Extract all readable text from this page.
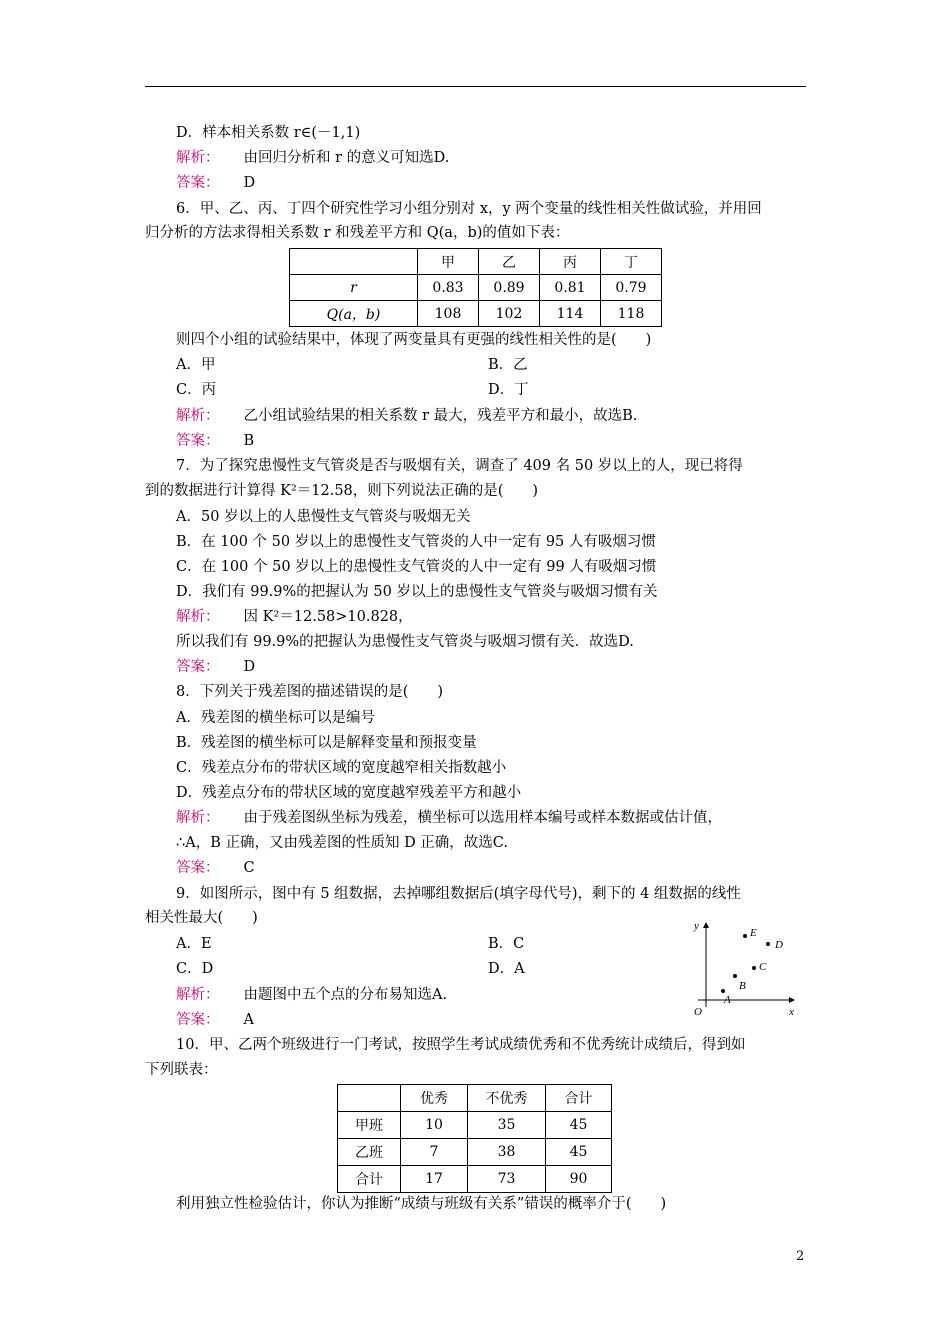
D．样本相关系数 r∈(－1,1)
解析： 由回归分析和 r 的意义可知选D.
答案： D
6．甲、乙、丙、丁四个研究性学习小组分别对 x，y 两个变量的线性相关性做试验，并用回
归分析的方法求得相关系数 r 和残差平方和 Q(a，b)的值如下表：
	甲	乙	丙	丁
r	0.83	0.89	0.81	0.79
Q(a，b)	108	102	114	118
则四个小组的试验结果中，体现了两变量具有更强的线性相关性的是(　　)
A．甲	B．乙
C．丙	D．丁
解析： 乙小组试验结果的相关系数 r 最大，残差平方和最小，故选B.
答案： B
7．为了探究患慢性支气管炎是否与吸烟有关，调查了 409 名 50 岁以上的人，现已将得
到的数据进行计算得 K²＝12.58，则下列说法正确的是(　　)
A．50 岁以上的人患慢性支气管炎与吸烟无关
B．在 100 个 50 岁以上的患慢性支气管炎的人中一定有 95 人有吸烟习惯
C．在 100 个 50 岁以上的患慢性支气管炎的人中一定有 99 人有吸烟习惯
D．我们有 99.9%的把握认为 50 岁以上的患慢性支气管炎与吸烟习惯有关
解析： 因 K²＝12.58>10.828，
所以我们有 99.9%的把握认为患慢性支气管炎与吸烟习惯有关．故选D.
答案： D
8．下列关于残差图的描述错误的是(　　)
A．残差图的横坐标可以是编号
B．残差图的横坐标可以是解释变量和预报变量
C．残差点分布的带状区域的宽度越窄相关指数越小
D．残差点分布的带状区域的宽度越窄残差平方和越小
解析： 由于残差图纵坐标为残差，横坐标可以选用样本编号或样本数据或估计值，
∴A，B 正确，又由残差图的性质知 D 正确，故选C.
答案： C
9．如图所示，图中有 5 组数据，去掉哪组数据后(填字母代号)，剩下的 4 组数据的线性
相关性最大(　　)
A．E	B．C
C．D	D．A
解析： 由题图中五个点的分布易知选A.
答案： A
y
x
O
A
B
C
D
E
10．甲、乙两个班级进行一门考试，按照学生考试成绩优秀和不优秀统计成绩后，得到如
下列联表：
	优秀	不优秀	合计
甲班	10	35	45
乙班	7	38	45
合计	17	73	90
利用独立性检验估计，你认为推断“成绩与班级有关系”错误的概率介于(　　)
2
